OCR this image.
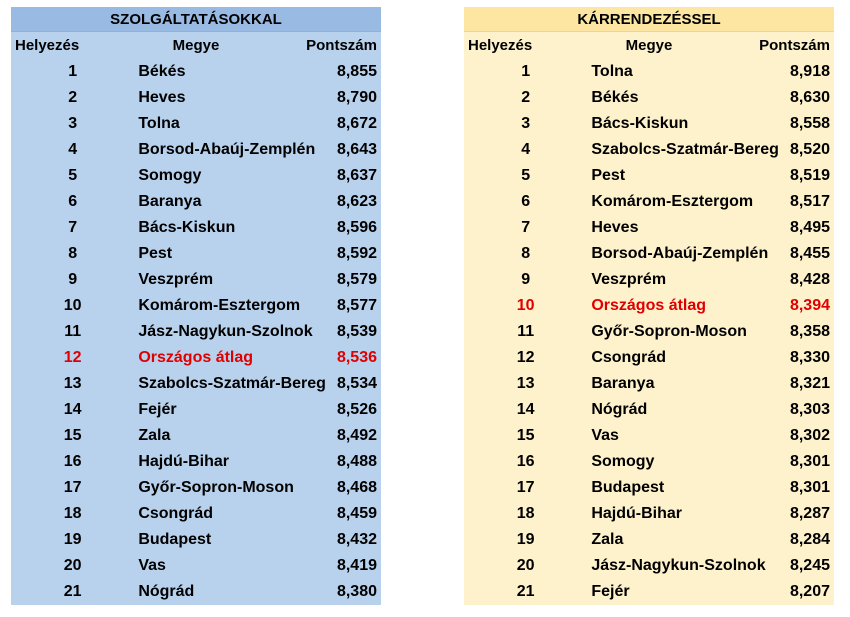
SZOLGÁLTATÁSOKKAL		
Helyezés	Megye	Pontszám
1	Békés	8,855
2	Heves	8,790
3	Tolna	8,672
4	Borsod-Abaúj-Zemplén	8,643
5	Somogy	8,637
6	Baranya	8,623
7	Bács-Kiskun	8,596
8	Pest	8,592
9	Veszprém	8,579
10	Komárom-Esztergom	8,577
11	Jász-Nagykun-Szolnok	8,539
12	Országos átlag	8,536
13	Szabolcs-Szatmár-Bereg	8,534
14	Fejér	8,526
15	Zala	8,492
16	Hajdú-Bihar	8,488
17	Győr-Sopron-Moson	8,468
18	Csongrád	8,459
19	Budapest	8,432
20	Vas	8,419
21	Nógrád	8,380
KÁRRENDEZÉSSEL		
Helyezés	Megye	Pontszám
1	Tolna	8,918
2	Békés	8,630
3	Bács-Kiskun	8,558
4	Szabolcs-Szatmár-Bereg	8,520
5	Pest	8,519
6	Komárom-Esztergom	8,517
7	Heves	8,495
8	Borsod-Abaúj-Zemplén	8,455
9	Veszprém	8,428
10	Országos átlag	8,394
11	Győr-Sopron-Moson	8,358
12	Csongrád	8,330
13	Baranya	8,321
14	Nógrád	8,303
15	Vas	8,302
16	Somogy	8,301
17	Budapest	8,301
18	Hajdú-Bihar	8,287
19	Zala	8,284
20	Jász-Nagykun-Szolnok	8,245
21	Fejér	8,207
